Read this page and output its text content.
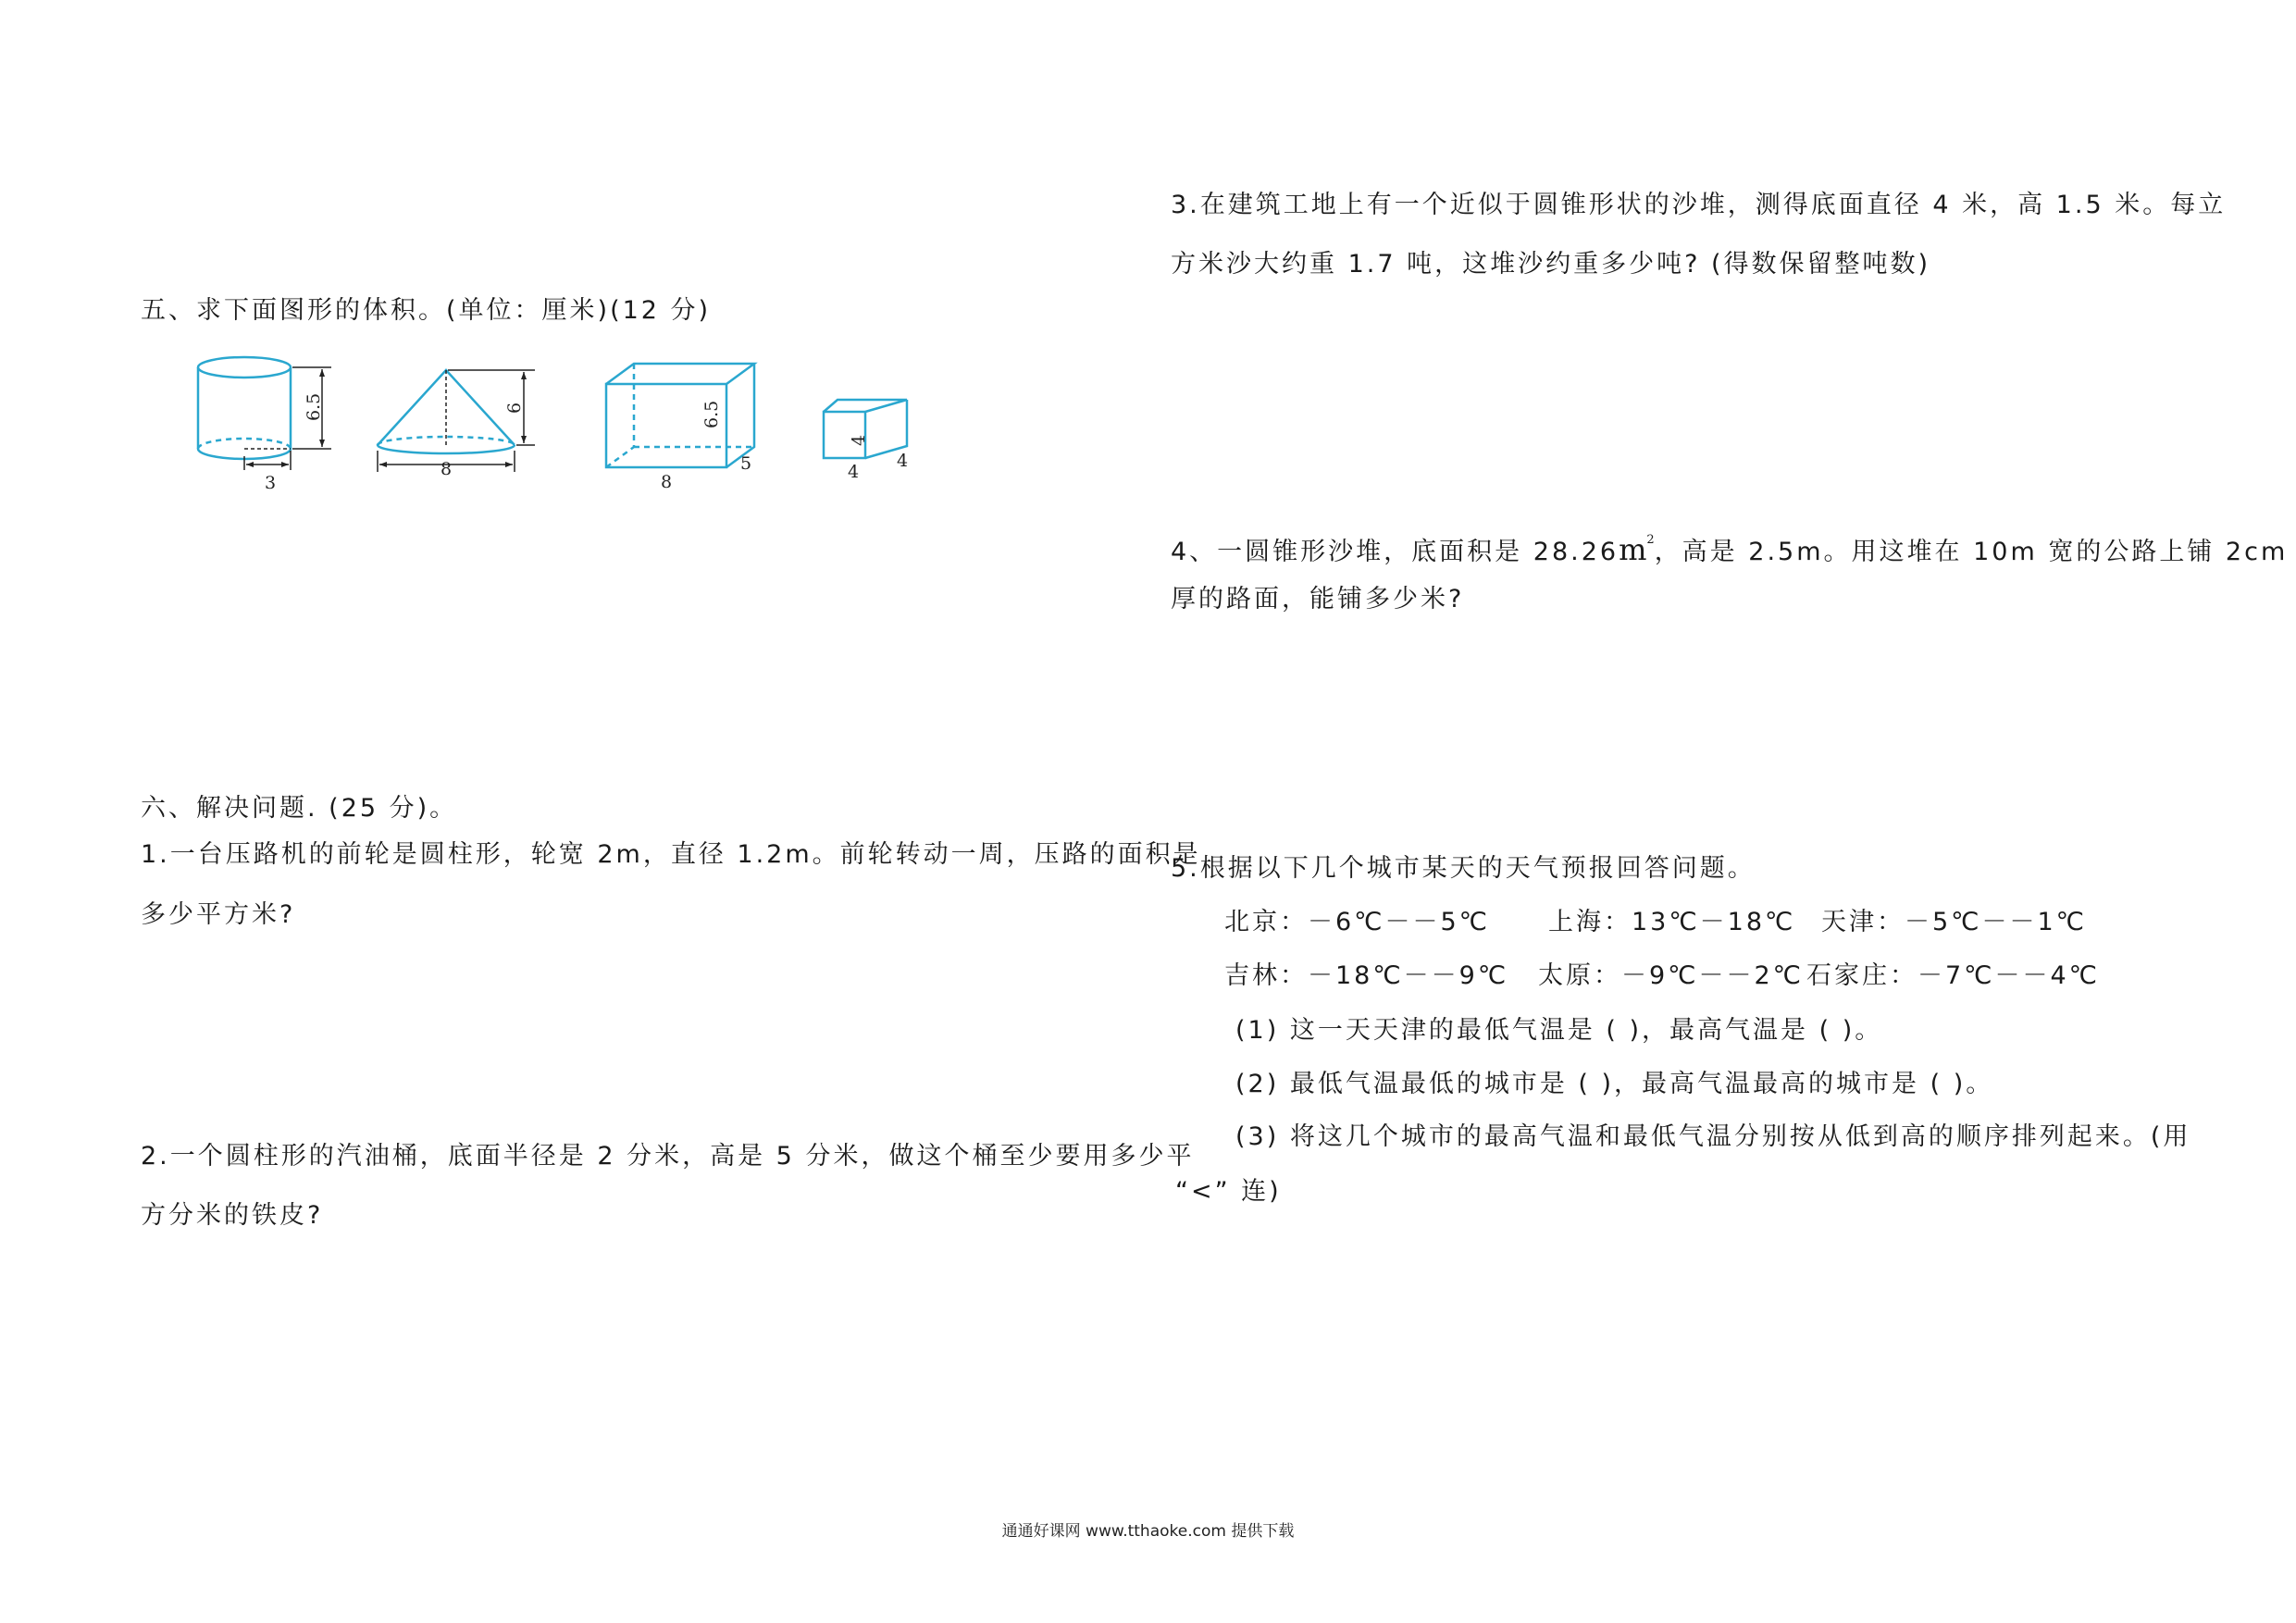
五、求下面图形的体积。(单位：厘米)(12 分)
3
6.5	6
8
6.5
8
5
4
4
4
六、解决问题. (25 分)。
1.一台压路机的前轮是圆柱形，轮宽 2m，直径 1.2m。前轮转动一周，压路的面积是
多少平方米?
2.一个圆柱形的汽油桶，底面半径是 2 分米，高是 5 分米，做这个桶至少要用多少平
方分米的铁皮?
3.在建筑工地上有一个近似于圆锥形状的沙堆，测得底面直径 4 米，高 1.5 米。每立
方米沙大约重 1.7 吨，这堆沙约重多少吨? (得数保留整吨数)
4、一圆锥形沙堆，底面积是 $28.26m^2$，高是 2.5m。用这堆在 10m 宽的公路上铺 2cm
厚的路面，能铺多少米?
5.根据以下几个城市某天的天气预报回答问题。
北京：－6℃－－5℃ 上海：13℃－18℃ 天津：－5℃－－1℃
吉林：－18℃－－9℃ 太原：－9℃－－2℃ 石家庄：－7℃－－4℃
(1) 这一天天津的最低气温是 ( )，最高气温是 ( )。
(2) 最低气温最低的城市是 ( )，最高气温最高的城市是 ( )。
(3) 将这几个城市的最高气温和最低气温分别按从低到高的顺序排列起来。(用
“<” 连)
通通好课网 www.tthaoke.com 提供下载
